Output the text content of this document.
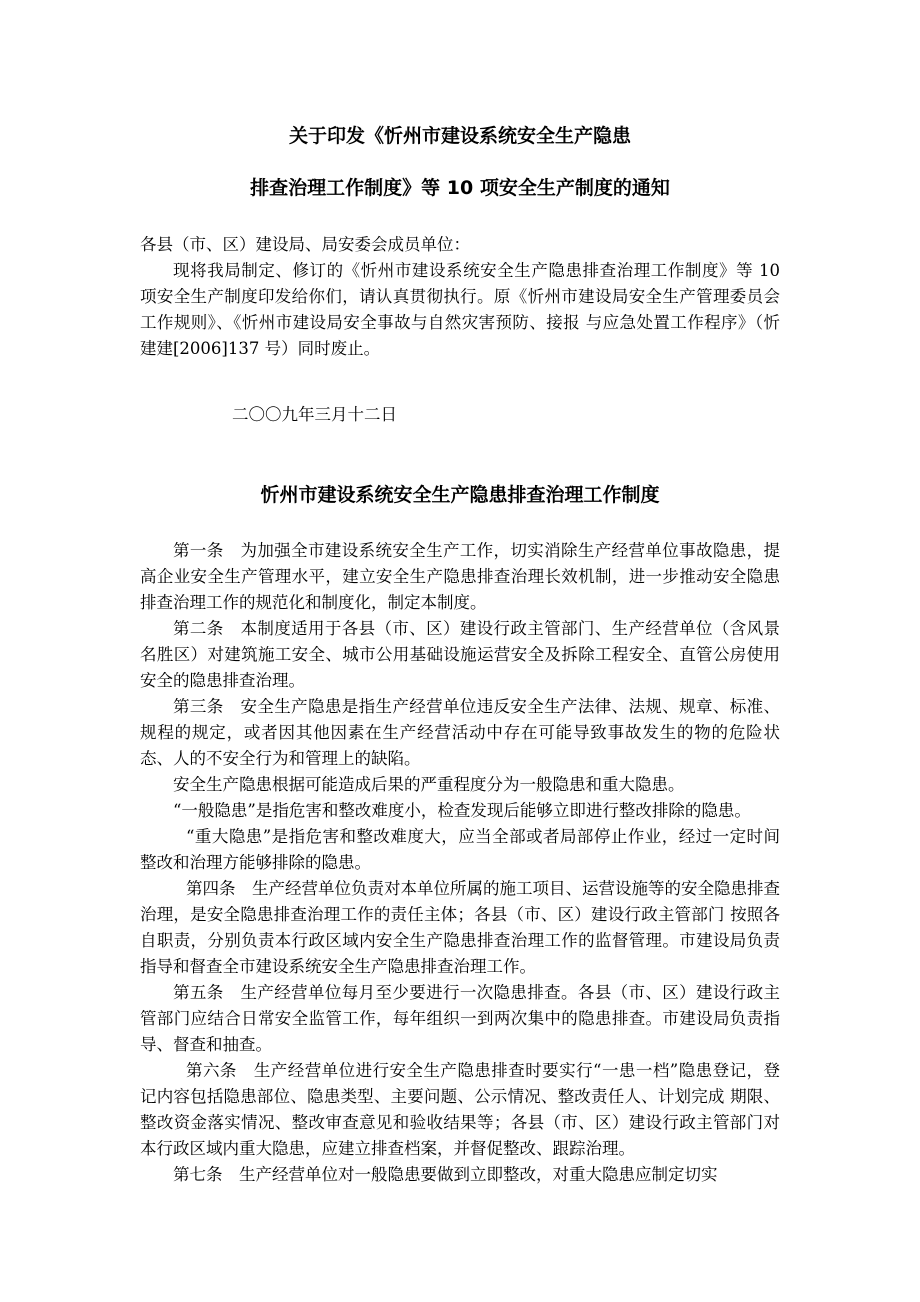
关于印发《忻州市建设系统安全生产隐患
排查治理工作制度》等 10 项安全生产制度的通知

各县（市、区）建设局、局安委会成员单位：

现将我局制定、修订的《忻州市建设系统安全生产隐患排查治理工作制度》等 10 项安全生产制度印发给你们，请认真贯彻执行。原《忻州市建设局安全生产管理委员会工作规则》、《忻州市建设局安全事故与自然灾害预防、接报 与应急处置工作程序》（忻建建[2006]137 号）同时废止。

二〇〇九年三月十二日
忻州市建设系统安全生产隐患排查治理工作制度

第一条　为加强全市建设系统安全生产工作，切实消除生产经营单位事故隐患，提高企业安全生产管理水平，建立安全生产隐患排查治理长效机制，进一步推动安全隐患排查治理工作的规范化和制度化，制定本制度。

第二条　本制度适用于各县（市、区）建设行政主管部门、生产经营单位（含风景名胜区）对建筑施工安全、城市公用基础设施运营安全及拆除工程安全、直管公房使用安全的隐患排查治理。

第三条　安全生产隐患是指生产经营单位违反安全生产法律、法规、规章、标准、规程的规定，或者因其他因素在生产经营活动中存在可能导致事故发生的物的危险状态、人的不安全行为和管理上的缺陷。

安全生产隐患根据可能造成后果的严重程度分为一般隐患和重大隐患。

“一般隐患”是指危害和整改难度小，检查发现后能够立即进行整改排除的隐患。

“重大隐患”是指危害和整改难度大，应当全部或者局部停止作业，经过一定时间整改和治理方能够排除的隐患。

第四条　生产经营单位负责对本单位所属的施工项目、运营设施等的安全隐患排查治理，是安全隐患排查治理工作的责任主体；各县（市、区）建设行政主管部门 按照各自职责，分别负责本行政区域内安全生产隐患排查治理工作的监督管理。市建设局负责指导和督查全市建设系统安全生产隐患排查治理工作。

第五条　生产经营单位每月至少要进行一次隐患排查。各县（市、区）建设行政主管部门应结合日常安全监管工作，每年组织一到两次集中的隐患排查。市建设局负责指导、督查和抽查。

第六条　生产经营单位进行安全生产隐患排查时要实行“一患一档”隐患登记，登记内容包括隐患部位、隐患类型、主要问题、公示情况、整改责任人、计划完成 期限、整改资金落实情况、整改审查意见和验收结果等；各县（市、区）建设行政主管部门对本行政区域内重大隐患，应建立排查档案，并督促整改、跟踪治理。

第七条　生产经营单位对一般隐患要做到立即整改，对重大隐患应制定切实
